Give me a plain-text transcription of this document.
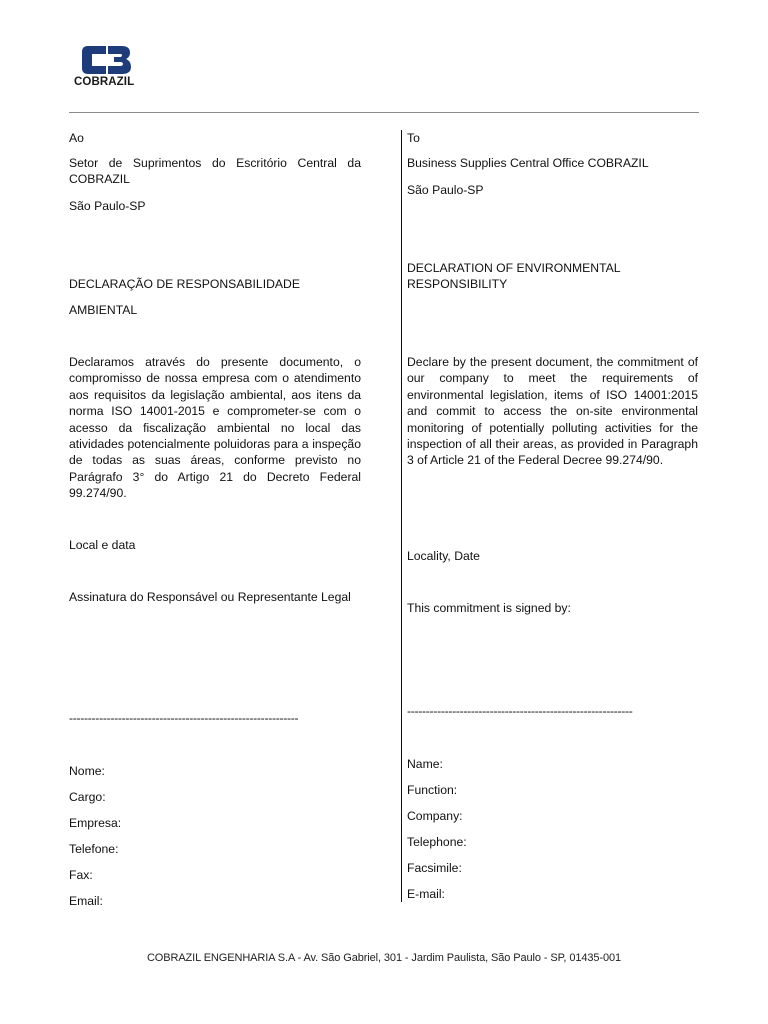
COBRAZIL

Ao

Setor de Suprimentos do Escritório Central da COBRAZIL

São Paulo-SP

DECLARAÇÃO DE RESPONSABILIDADE

AMBIENTAL

Declaramos através do presente documento, o compromisso de nossa empresa com o atendimento aos requisitos da legislação ambiental, aos itens da norma ISO 14001-2015 e comprometer-se com o acesso da fiscalização ambiental no local das atividades potencialmente poluidoras para a inspeção de todas as suas áreas, conforme previsto no Parágrafo 3° do Artigo 21 do Decreto Federal 99.274/90.

Local e data

Assinatura do Responsável ou Representante Legal

-------------------------------------------------------------

Nome:

Cargo:

Empresa:

Telefone:

Fax:

Email:

To

Business Supplies Central Office COBRAZIL

São Paulo-SP

DECLARATION OF ENVIRONMENTAL RESPONSIBILITY

Declare by the present document, the commitment of our company to meet the requirements of environmental legislation, items of ISO 14001:2015 and commit to access the on-site environmental monitoring of potentially polluting activities for the inspection of all their areas, as provided in Paragraph 3 of Article 21 of the Federal Decree 99.274/90.

Locality, Date

This commitment is signed by:

------------------------------------------------------------

Name:

Function:

Company:

Telephone:

Facsimile:

E-mail:

COBRAZIL ENGENHARIA S.A - Av. São Gabriel, 301 - Jardim Paulista, São Paulo - SP, 01435-001
